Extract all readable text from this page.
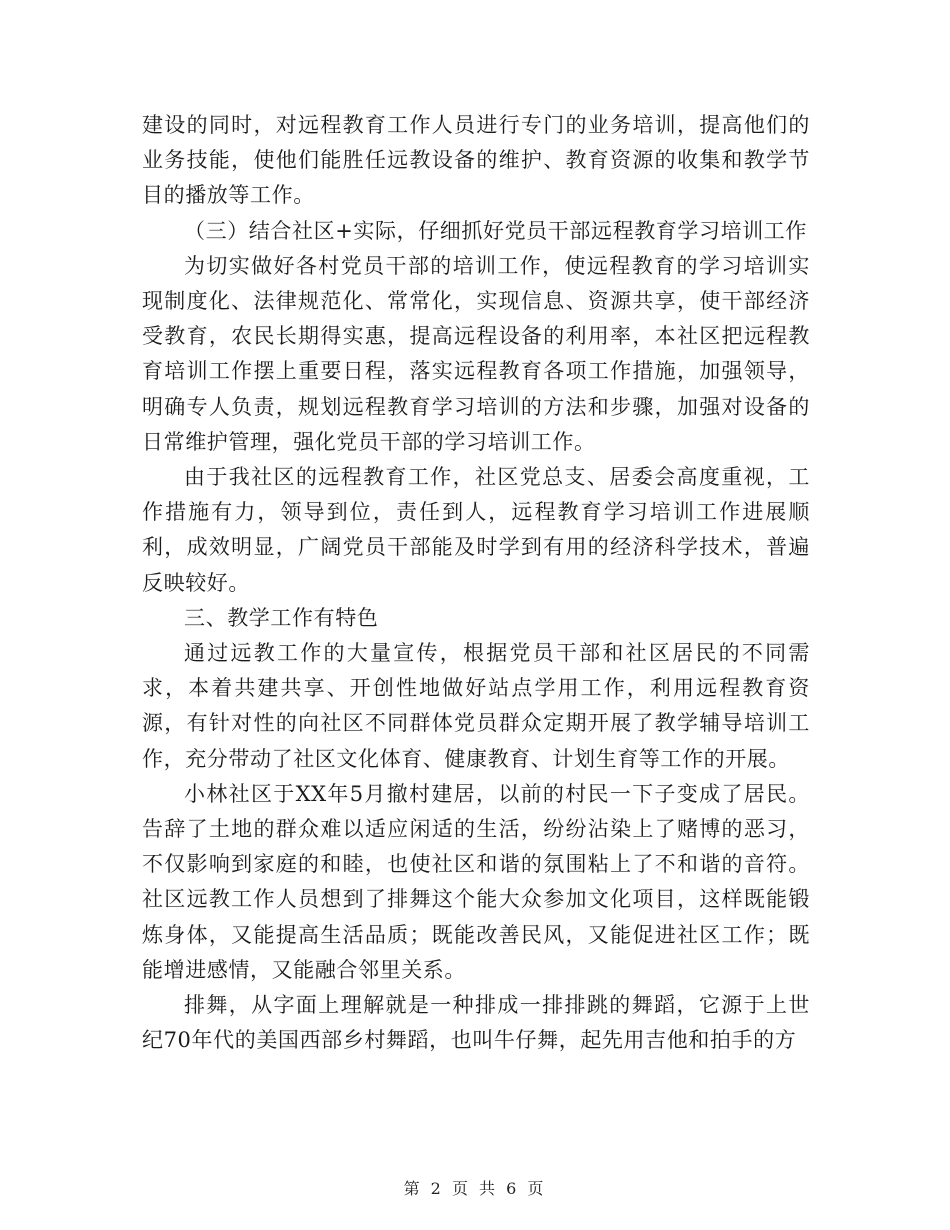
建设的同时，对远程教育工作人员进行专门的业务培训，提高他们的业务技能，使他们能胜任远教设备的维护、教育资源的收集和教学节目的播放等工作。

（三）结合社区+实际，仔细抓好党员干部远程教育学习培训工作

为切实做好各村党员干部的培训工作，使远程教育的学习培训实现制度化、法律规范化、常常化，实现信息、资源共享，使干部经济受教育，农民长期得实惠，提高远程设备的利用率，本社区把远程教育培训工作摆上重要日程，落实远程教育各项工作措施，加强领导，明确专人负责，规划远程教育学习培训的方法和步骤，加强对设备的日常维护管理，强化党员干部的学习培训工作。

由于我社区的远程教育工作，社区党总支、居委会高度重视，工作措施有力，领导到位，责任到人，远程教育学习培训工作进展顺利，成效明显，广阔党员干部能及时学到有用的经济科学技术，普遍反映较好。

三、教学工作有特色

通过远教工作的大量宣传，根据党员干部和社区居民的不同需求，本着共建共享、开创性地做好站点学用工作，利用远程教育资源，有针对性的向社区不同群体党员群众定期开展了教学辅导培训工作，充分带动了社区文化体育、健康教育、计划生育等工作的开展。

小林社区于XX年5月撤村建居，以前的村民一下子变成了居民。告辞了土地的群众难以适应闲适的生活，纷纷沾染上了赌博的恶习，不仅影响到家庭的和睦，也使社区和谐的氛围粘上了不和谐的音符。社区远教工作人员想到了排舞这个能大众参加文化项目，这样既能锻炼身体，又能提高生活品质；既能改善民风，又能促进社区工作；既能增进感情，又能融合邻里关系。

排舞，从字面上理解就是一种排成一排排跳的舞蹈，它源于上世纪70年代的美国西部乡村舞蹈，也叫牛仔舞，起先用吉他和拍手的方

第 2 页 共 6 页
